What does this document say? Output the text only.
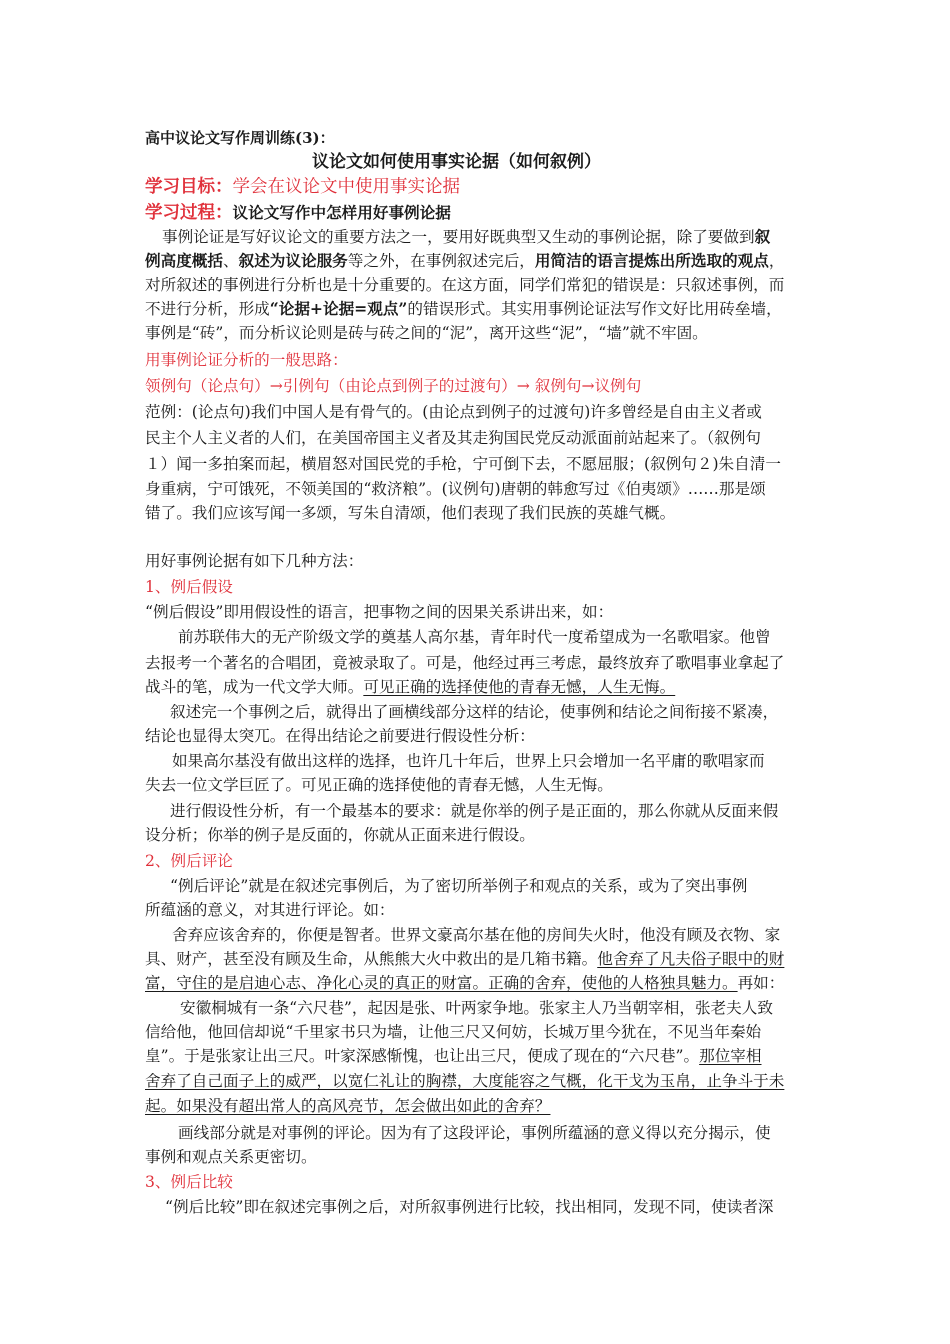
高中议论文写作周训练(3)：
议论文如何使用事实论据（如何叙例）
学习目标：学会在议论文中使用事实论据
学习过程：议论文写作中怎样用好事例论据
事例论证是写好议论文的重要方法之一，要用好既典型又生动的事例论据，除了要做到叙
例高度概括、叙述为议论服务等之外，在事例叙述完后，用简洁的语言提炼出所选取的观点，
对所叙述的事例进行分析也是十分重要的。在这方面，同学们常犯的错误是：只叙述事例，而
不进行分析，形成“论据+论据=观点”的错误形式。其实用事例论证法写作文好比用砖垒墙，
事例是“砖”，而分析议论则是砖与砖之间的“泥”，离开这些“泥”，“墙”就不牢固。
用事例论证分析的一般思路：
领例句（论点句）→引例句（由论点到例子的过渡句）→ 叙例句→议例句
范例：(论点句)我们中国人是有骨气的。(由论点到例子的过渡句)许多曾经是自由主义者或
民主个人主义者的人们，在美国帝国主义者及其走狗国民党反动派面前站起来了。（叙例句
１）闻一多拍案而起，横眉怒对国民党的手枪，宁可倒下去，不愿屈服；(叙例句２)朱自清一
身重病，宁可饿死，不领美国的“救济粮”。(议例句)唐朝的韩愈写过《伯夷颂》……那是颂
错了。我们应该写闻一多颂，写朱自清颂，他们表现了我们民族的英雄气概。
用好事例论据有如下几种方法：
1、例后假设
“例后假设”即用假设性的语言，把事物之间的因果关系讲出来，如：
前苏联伟大的无产阶级文学的奠基人高尔基，青年时代一度希望成为一名歌唱家。他曾
去报考一个著名的合唱团，竟被录取了。可是，他经过再三考虑，最终放弃了歌唱事业拿起了
战斗的笔，成为一代文学大师。可见正确的选择使他的青春无憾，人生无悔。
叙述完一个事例之后，就得出了画横线部分这样的结论，使事例和结论之间衔接不紧凑，
结论也显得太突兀。在得出结论之前要进行假设性分析：
如果高尔基没有做出这样的选择，也许几十年后，世界上只会增加一名平庸的歌唱家而
失去一位文学巨匠了。可见正确的选择使他的青春无憾，人生无悔。
进行假设性分析，有一个最基本的要求：就是你举的例子是正面的，那么你就从反面来假
设分析；你举的例子是反面的，你就从正面来进行假设。
2、例后评论
“例后评论”就是在叙述完事例后，为了密切所举例子和观点的关系，或为了突出事例
所蕴涵的意义，对其进行评论。如：
舍弃应该舍弃的，你便是智者。世界文豪高尔基在他的房间失火时，他没有顾及衣物、家
具、财产，甚至没有顾及生命，从熊熊大火中救出的是几箱书籍。他舍弃了凡夫俗子眼中的财
富，守住的是启迪心志、净化心灵的真正的财富。正确的舍弃，使他的人格独具魅力。再如：
安徽桐城有一条“六尺巷”，起因是张、叶两家争地。张家主人乃当朝宰相，张老夫人致
信给他，他回信却说“千里家书只为墙，让他三尺又何妨，长城万里今犹在，不见当年秦始
皇”。于是张家让出三尺。叶家深感惭愧，也让出三尺，便成了现在的“六尺巷”。那位宰相
舍弃了自己面子上的威严，以宽仁礼让的胸襟，大度能容之气概，化干戈为玉帛，止争斗于未
起。如果没有超出常人的高风亮节，怎会做出如此的舍弃？
画线部分就是对事例的评论。因为有了这段评论，事例所蕴涵的意义得以充分揭示，使
事例和观点关系更密切。
3、例后比较
“例后比较”即在叙述完事例之后，对所叙事例进行比较，找出相同，发现不同，使读者深
